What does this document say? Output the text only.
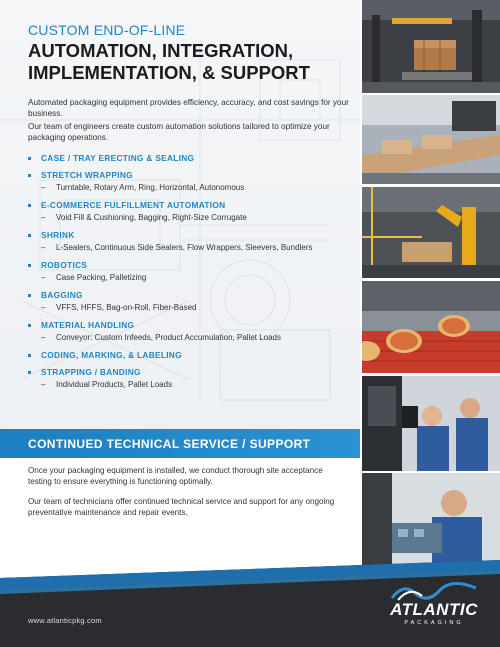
CUSTOM END-OF-LINE
AUTOMATION, INTEGRATION,
IMPLEMENTATION, & SUPPORT

Automated packaging equipment provides efficiency, accuracy, and cost savings for your business.

Our team of engineers create custom automation solutions tailored to optimize your packaging operations.

CASE / TRAY ERECTING & SEALING
STRETCH WRAPPING
–	Turntable, Rotary Arm, Ring, Horizontal, Autonomous
E-COMMERCE FULFILLMENT AUTOMATION
–	Void Fill & Cushioning, Bagging, Right-Size Corrugate
SHRINK
–	L-Sealers, Continuous Side Sealers, Flow Wrappers, Sleevers, Bundlers
ROBOTICS
–	Case Packing, Palletizing
BAGGING
–	VFFS, HFFS, Bag-on-Roll, Fiber-Based
MATERIAL HANDLING
–	Conveyor: Custom Infeeds, Product Accumulation, Pallet Loads
CODING, MARKING, & LABELING
STRAPPING / BANDING
–	Individual Products, Pallet Loads
CONTINUED TECHNICAL SERVICE / SUPPORT

Once your packaging equipment is installed, we conduct thorough site acceptance testing to ensure everything is functioning optimally.

Our team of technicians offer continued technical service and support for any ongoing preventative maintenance and repair events.

www.atlanticpkg.com
ATLANTIC
PACKAGING
